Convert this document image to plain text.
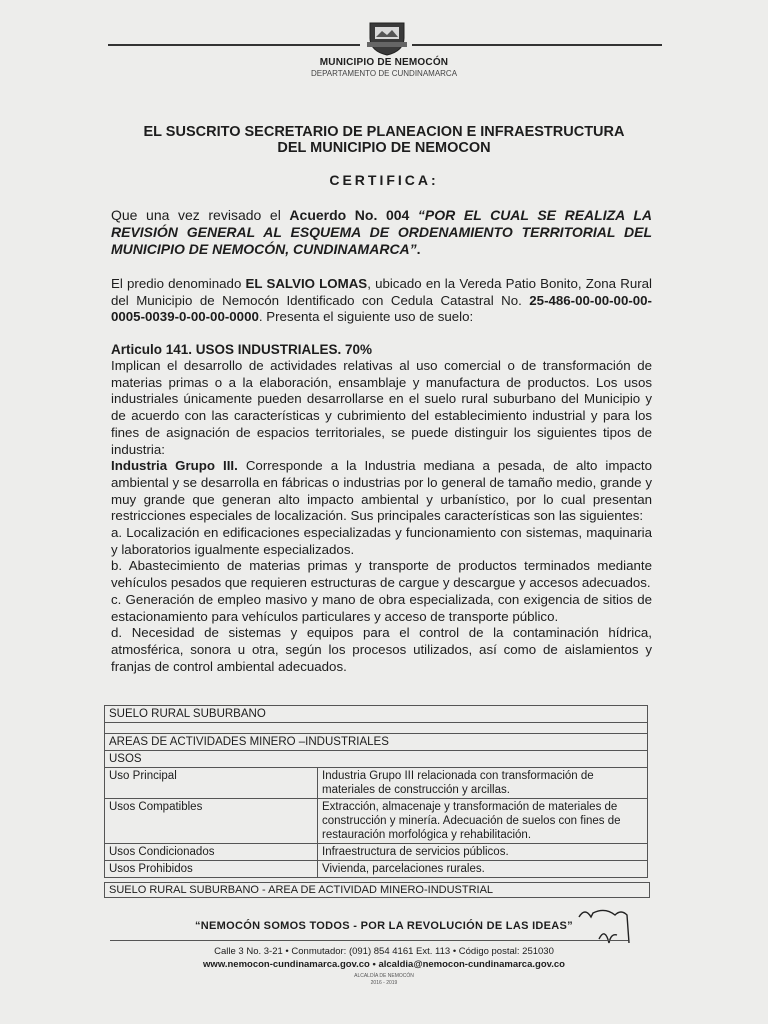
MUNICIPIO DE NEMOCÓN
DEPARTAMENTO DE CUNDINAMARCA
EL SUSCRITO SECRETARIO DE PLANEACION E INFRAESTRUCTURA
DEL MUNICIPIO DE NEMOCON
CERTIFICA:
Que una vez revisado el Acuerdo No. 004 “POR EL CUAL SE REALIZA LA REVISIÓN GENERAL AL ESQUEMA DE ORDENAMIENTO TERRITORIAL DEL MUNICIPIO DE NEMOCÓN, CUNDINAMARCA”.
El predio denominado EL SALVIO LOMAS, ubicado en la Vereda Patio Bonito, Zona Rural del Municipio de Nemocón Identificado con Cedula Catastral No. 25-486-00-00-00-00-0005-0039-0-00-00-0000. Presenta el siguiente uso de suelo:
Articulo 141. USOS INDUSTRIALES. 70%

Implican el desarrollo de actividades relativas al uso comercial o de transformación de materias primas o a la elaboración, ensamblaje y manufactura de productos. Los usos industriales únicamente pueden desarrollarse en el suelo rural suburbano del Municipio y de acuerdo con las características y cubrimiento del establecimiento industrial y para los fines de asignación de espacios territoriales, se puede distinguir los siguientes tipos de industria:

Industria Grupo III. Corresponde a la Industria mediana a pesada, de alto impacto ambiental y se desarrolla en fábricas o industrias por lo general de tamaño medio, grande y muy grande que generan alto impacto ambiental y urbanístico, por lo cual presentan restricciones especiales de localización. Sus principales características son las siguientes:

a. Localización en edificaciones especializadas y funcionamiento con sistemas, maquinaria y laboratorios igualmente especializados.

b. Abastecimiento de materias primas y transporte de productos terminados mediante vehículos pesados que requieren estructuras de cargue y descargue y accesos adecuados.

c. Generación de empleo masivo y mano de obra especializada, con exigencia de sitios de estacionamiento para vehículos particulares y acceso de transporte público.

d. Necesidad de sistemas y equipos para el control de la contaminación hídrica, atmosférica, sonora u otra, según los procesos utilizados, así como de aislamientos y franjas de control ambiental adecuados.

SUELO RURAL SUBURBANO	

AREAS DE ACTIVIDADES MINERO –INDUSTRIALES	
USOS	
Uso Principal	Industria Grupo III relacionada con transformación de materiales de construcción y arcillas.
Usos Compatibles	Extracción, almacenaje y transformación de materiales de construcción y minería. Adecuación de suelos con fines de restauración morfológica y rehabilitación.
Usos Condicionados	Infraestructura de servicios públicos.
Usos Prohibidos	Vivienda, parcelaciones rurales.
SUELO RURAL SUBURBANO - AREA DE ACTIVIDAD MINERO-INDUSTRIAL
“NEMOCÓN SOMOS TODOS - POR LA REVOLUCIÓN DE LAS IDEAS”
Calle 3 No. 3-21 • Conmutador: (091) 854 4161 Ext. 113 • Código postal: 251030
www.nemocon-cundinamarca.gov.co • alcaldia@nemocon-cundinamarca.gov.co
ALCALDÍA DE NEMOCÓN
2016 - 2019
